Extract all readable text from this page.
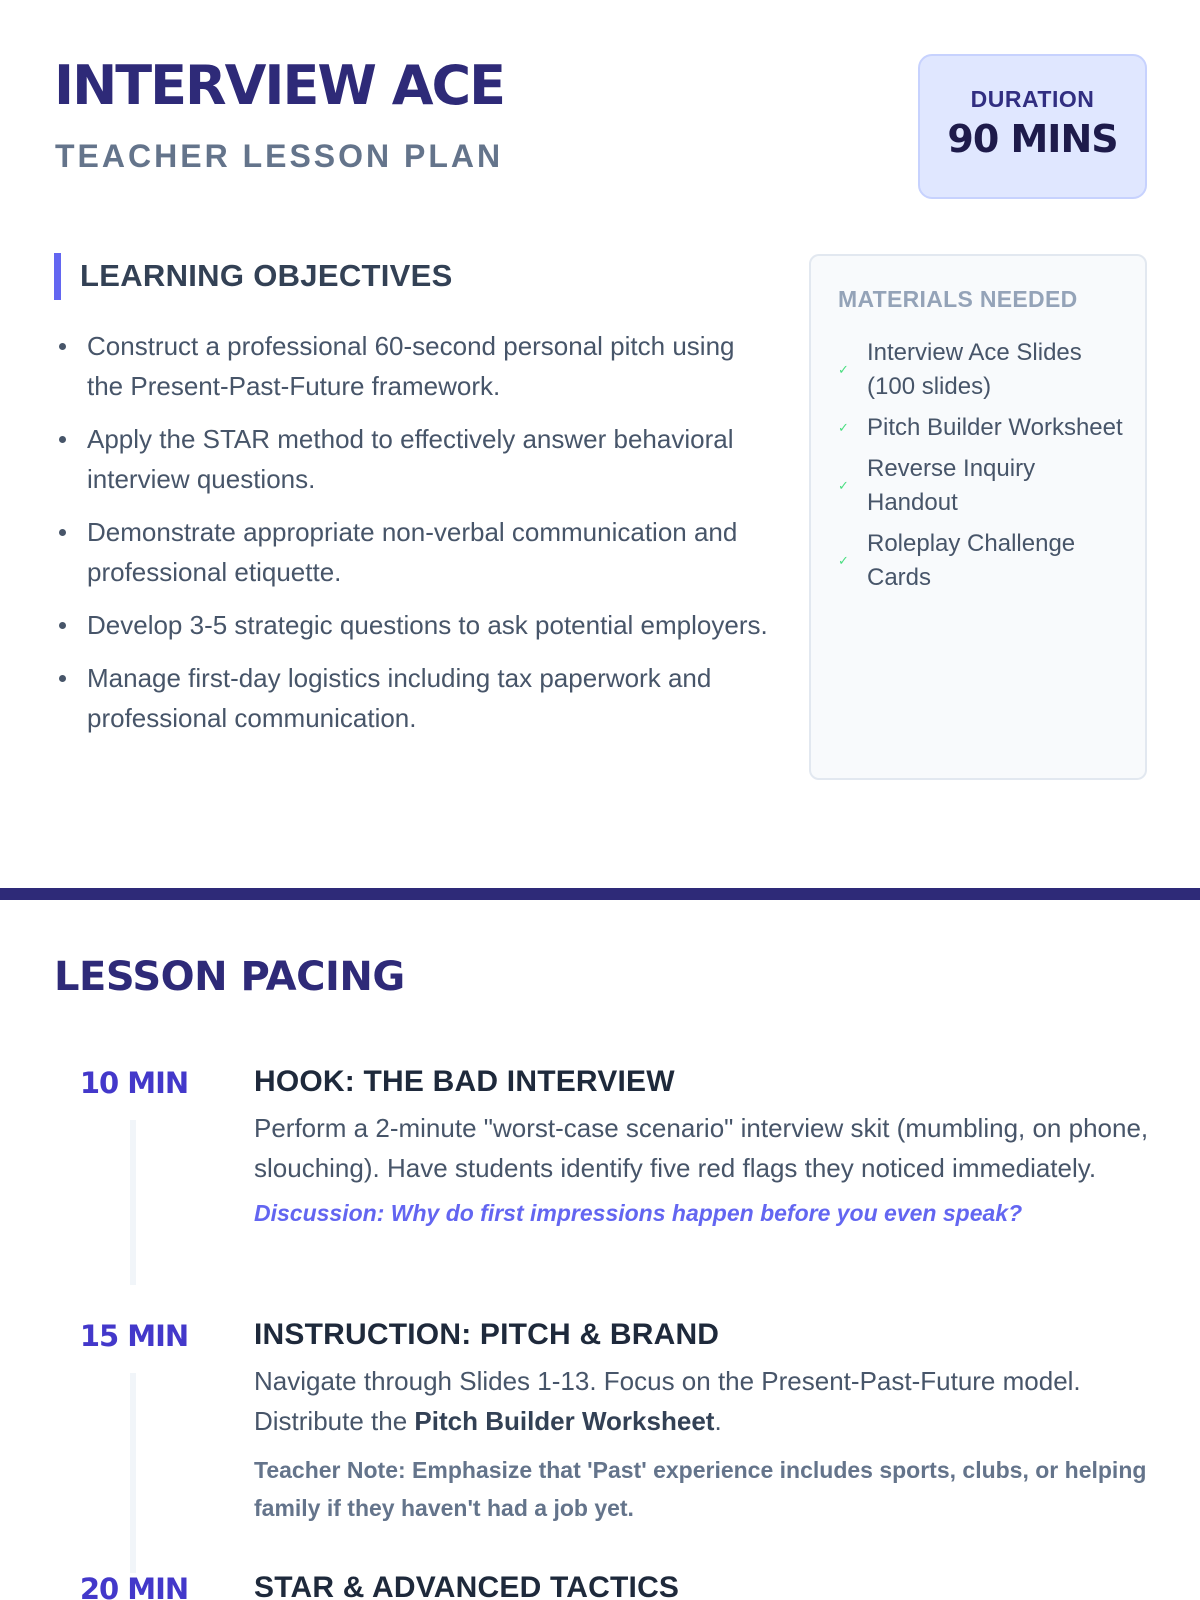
INTERVIEW ACE
TEACHER LESSON PLAN
DURATION
90 MINS
LEARNING OBJECTIVES
Construct a professional 60-second personal pitch using the Present-Past-Future framework.
Apply the STAR method to effectively answer behavioral interview questions.
Demonstrate appropriate non-verbal communication and professional etiquette.
Develop 3-5 strategic questions to ask potential employers.
Manage first-day logistics including tax paperwork and professional communication.
MATERIALS NEEDED
✓
Interview Ace Slides (100 slides)
✓ Pitch Builder Worksheet
✓
Reverse Inquiry Handout
✓
Roleplay Challenge Cards
LESSON PACING
10 MIN	HOOK: THE BAD INTERVIEW
Perform a 2-minute "worst-case scenario" interview skit (mumbling, on phone, slouching). Have students identify five red flags they noticed immediately.
Discussion: Why do first impressions happen before you even speak?
15 MIN	INSTRUCTION: PITCH & BRAND
Navigate through Slides 1-13. Focus on the Present-Past-Future model. Distribute the Pitch Builder Worksheet.
Teacher Note: Emphasize that 'Past' experience includes sports, clubs, or helping family if they haven't had a job yet.
20 MIN	STAR & ADVANCED TACTICS
